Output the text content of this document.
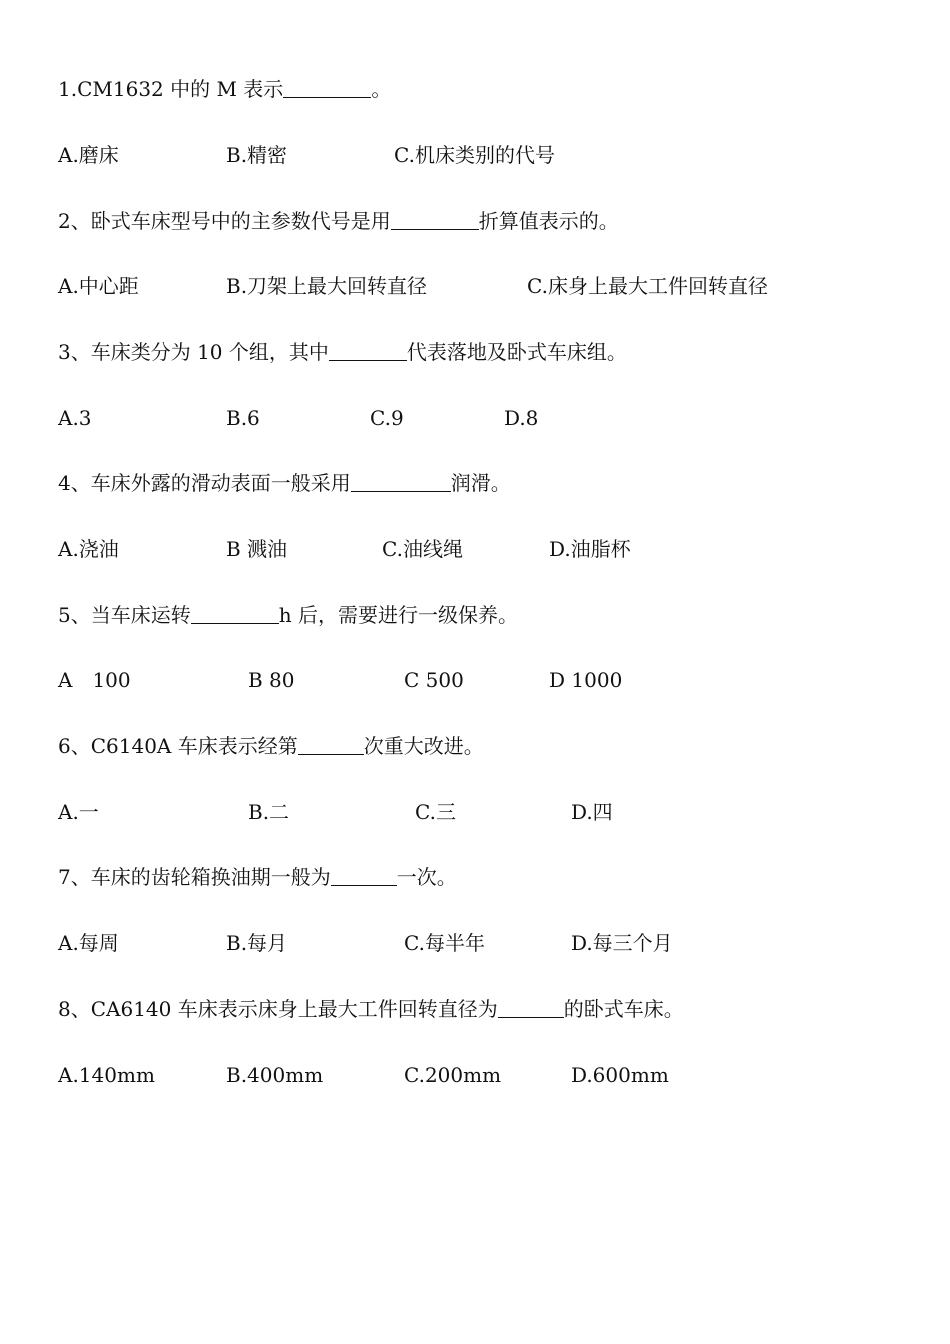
1.CM1632 中的 M 表示	。
A.磨床	B.精密	C.机床类别的代号
2、卧式车床型号中的主参数代号是用	折算值表示的。
A.中心距	B.刀架上最大回转直径	C.床身上最大工件回转直径
3、车床类分为 10 个组，其中	代表落地及卧式车床组。
A.3	B.6	C.9	D.8
4、车床外露的滑动表面一般采用	润滑。
A.浇油	B 溅油	C.油线绳	D.油脂杯
5、当车床运转	h 后，需要进行一级保养。
A　100	B 80	C 500	D 1000
6、C6140A 车床表示经第	次重大改进。
A.一	B.二	C.三	D.四
7、车床的齿轮箱换油期一般为	一次。
A.每周	B.每月	C.每半年	D.每三个月
8、CA6140 车床表示床身上最大工件回转直径为	的卧式车床。
A.140mm	B.400mm	C.200mm	D.600mm
